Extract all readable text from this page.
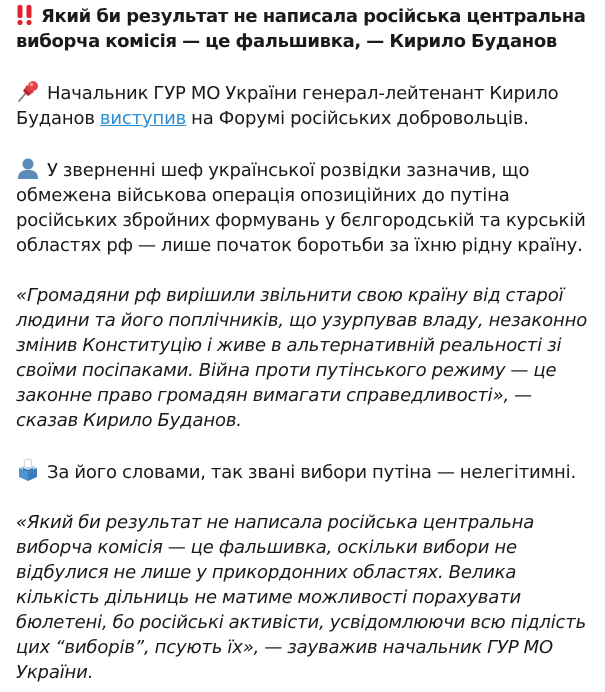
Який би результат не написала російська центральна виборча комісія — це фальшивка, — Кирило Буданов

Начальник ГУР МО України генерал-лейтенант Кирило Буданов виступив на Форумі російських добровольців.

У зверненні шеф української розвідки зазначив, що обмежена військова операція опозиційних до путіна російських збройних формувань у бєлгородській та курській областях рф — лише початок боротьби за їхню рідну країну.

«Громадяни рф вирішили звільнити свою країну від старої людини та його поплічників, що узурпував владу, незаконно змінив Конституцію і живе в альтернативній реальності зі своїми посіпаками. Війна проти путінського режиму — це законне право громадян вимагати справедливості», — сказав Кирило Буданов.

За його словами, так звані вибори путіна — нелегітимні.

«Який би результат не написала російська центральна виборча комісія — це фальшивка, оскільки вибори не відбулися не лише у прикордонних областях. Велика кількість дільниць не матиме можливості порахувати бюлетені, бо російські активісти, усвідомлюючи всю підлість цих “виборів”, псують їх», — зауважив начальник ГУР МО України.
